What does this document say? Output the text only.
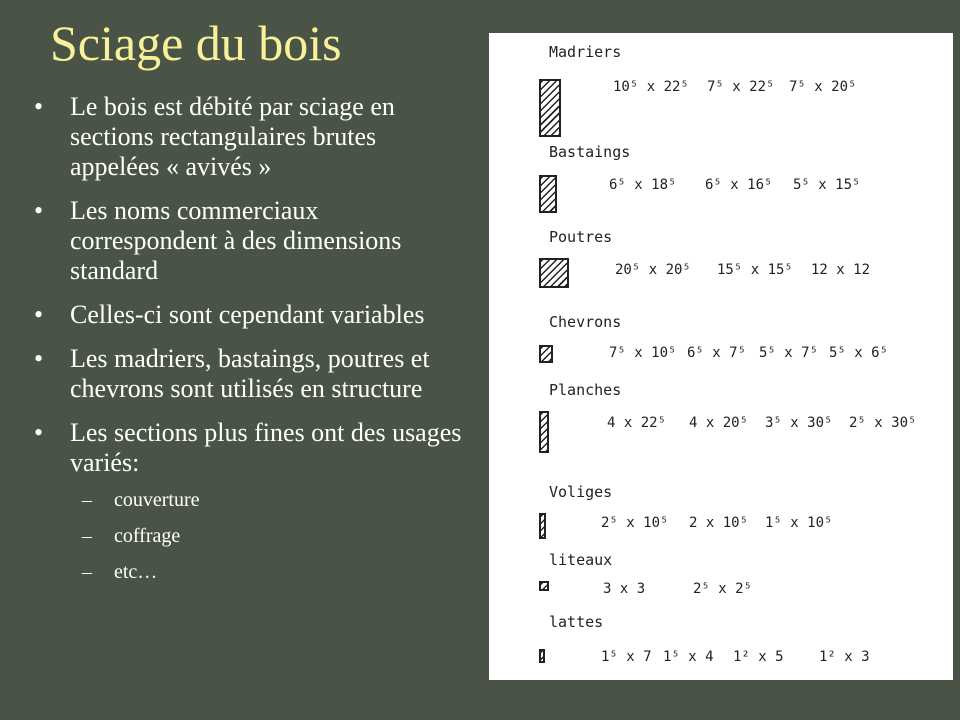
Sciage du bois
• Le bois est débité par sciage en sections rectangulaires brutes appelées « avivés »
• Les noms commerciaux correspondent à des dimensions standard
• Celles-ci sont cependant variables
• Les madriers, bastaings, poutres et chevrons sont utilisés en structure
• Les sections plus fines ont des usages variés:
– couverture
– coffrage
– etc…
Madriers
10⁵ x 22⁵ 7⁵ x 22⁵ 7⁵ x 20⁵
Bastaings
6⁵ x 18⁵ 6⁵ x 16⁵ 5⁵ x 15⁵
Poutres
20⁵ x 20⁵ 15⁵ x 15⁵ 12 x 12
Chevrons
7⁵ x 10⁵ 6⁵ x 7⁵ 5⁵ x 7⁵ 5⁵ x 6⁵
Planches
4 x 22⁵ 4 x 20⁵ 3⁵ x 30⁵ 2⁵ x 30⁵
Voliges
2⁵ x 10⁵ 2 x 10⁵ 1⁵ x 10⁵
liteaux
3 x 3	2⁵ x 2⁵
lattes
1⁵ x 7 1⁵ x 4 1² x 5	1² x 3
